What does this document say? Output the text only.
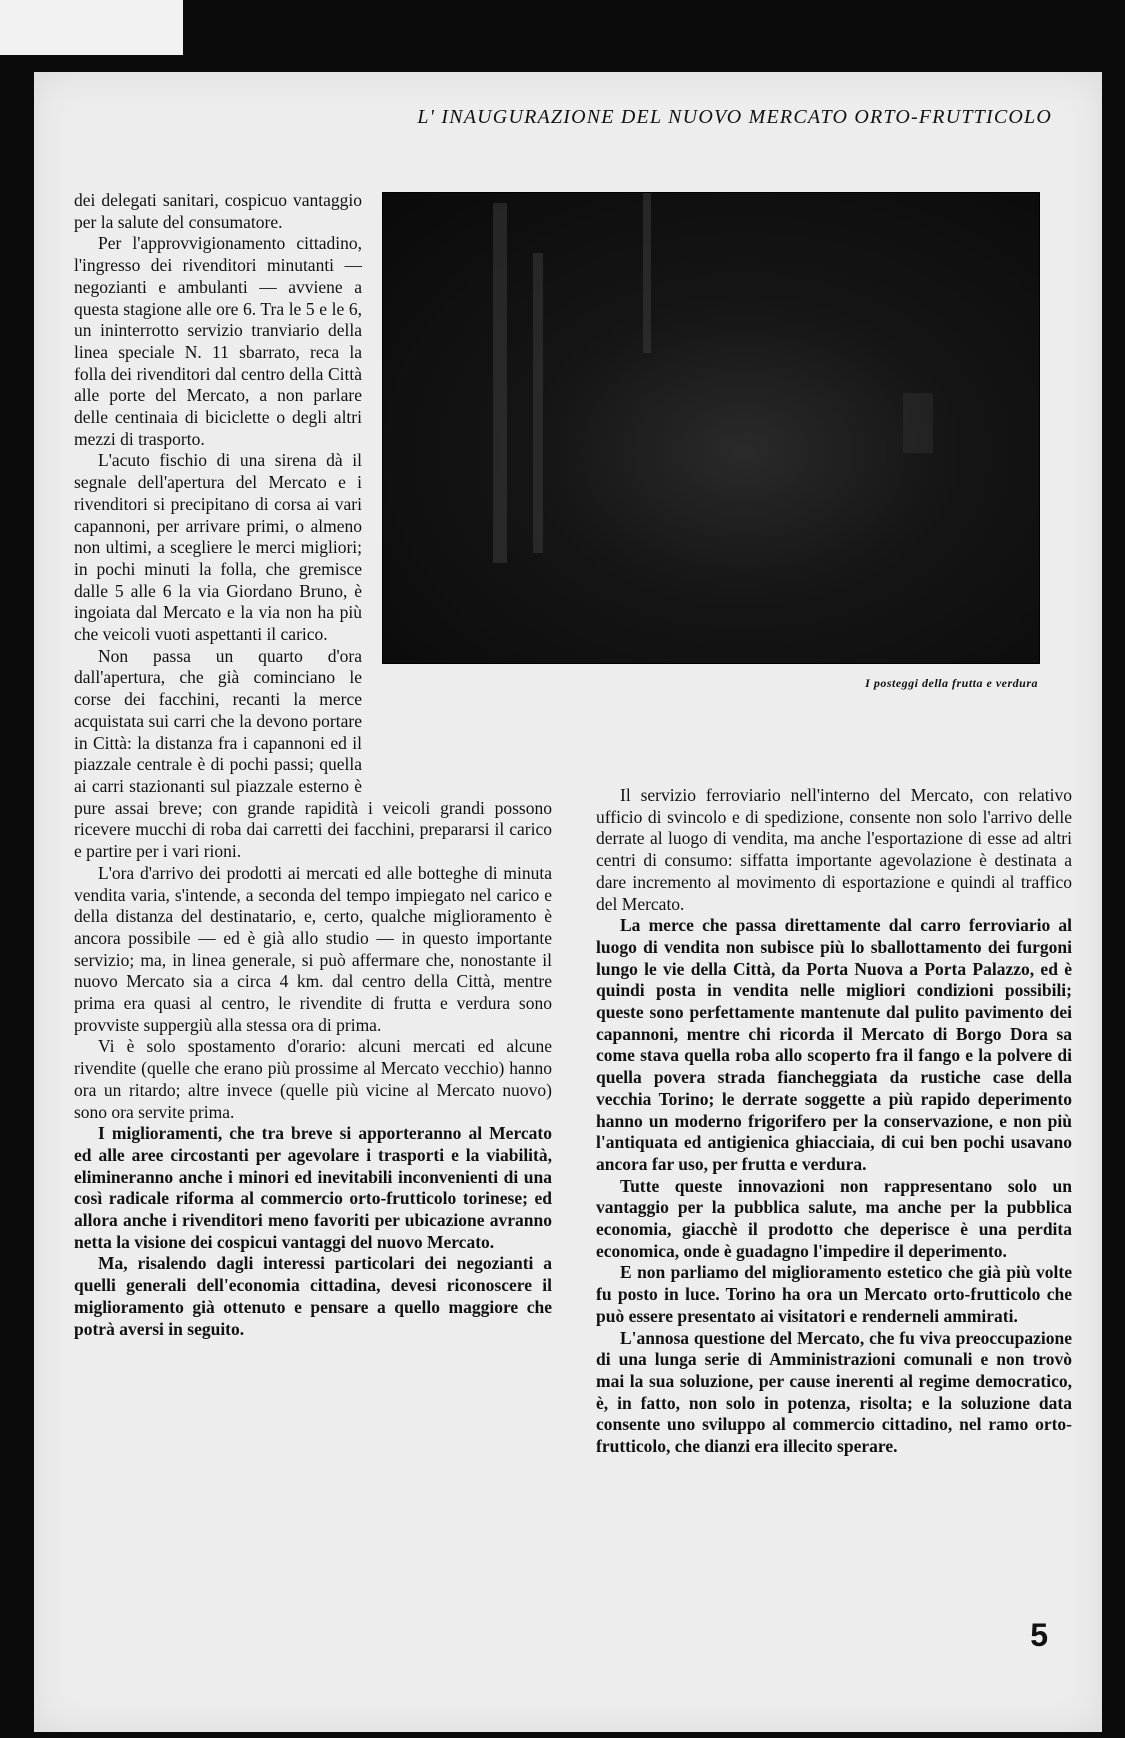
L' INAUGURAZIONE DEL NUOVO MERCATO ORTO-FRUTTICOLO
I posteggi della frutta e verdura

dei delegati sanitari, cospicuo vantaggio per la salute del consumatore.

Per l'approvvigionamento cittadino, l'ingresso dei rivenditori minutanti — negozianti e ambulanti — avviene a questa stagione alle ore 6. Tra le 5 e le 6, un ininterrotto servizio tranviario della linea speciale N. 11 sbarrato, reca la folla dei rivenditori dal centro della Città alle porte del Mercato, a non parlare delle centinaia di biciclette o degli altri mezzi di trasporto.

L'acuto fischio di una sirena dà il segnale dell'apertura del Mercato e i rivenditori si precipitano di corsa ai vari capannoni, per arrivare primi, o almeno non ultimi, a scegliere le merci migliori; in pochi minuti la folla, che gremisce dalle 5 alle 6 la via Giordano Bruno, è ingoiata dal Mercato e la via non ha più che veicoli vuoti aspettanti il carico.

Non passa un quarto d'ora dall'apertura, che già cominciano le corse dei facchini, recanti la merce acquistata sui carri che la devono portare in Città: la distanza fra i capannoni ed il piazzale centrale è di pochi passi; quella ai carri stazionanti sul piazzale esterno è pure assai breve; con grande rapidità i veicoli grandi possono ricevere mucchi di roba dai carretti dei facchini, prepararsi il carico e partire per i vari rioni.

L'ora d'arrivo dei prodotti ai mercati ed alle botteghe di minuta vendita varia, s'intende, a seconda del tempo impiegato nel carico e della distanza del destinatario, e, certo, qualche miglioramento è ancora possibile — ed è già allo studio — in questo importante servizio; ma, in linea generale, si può affermare che, nonostante il nuovo Mercato sia a circa 4 km. dal centro della Città, mentre prima era quasi al centro, le rivendite di frutta e verdura sono provviste suppergiù alla stessa ora di prima.

Vi è solo spostamento d'orario: alcuni mercati ed alcune rivendite (quelle che erano più prossime al Mercato vecchio) hanno ora un ritardo; altre invece (quelle più vicine al Mercato nuovo) sono ora servite prima.

I miglioramenti, che tra breve si apporteranno al Mercato ed alle aree circostanti per agevolare i trasporti e la viabilità, elimineranno anche i minori ed inevitabili inconvenienti di una così radicale riforma al commercio orto-frutticolo torinese; ed allora anche i rivenditori meno favoriti per ubicazione avranno netta la visione dei cospicui vantaggi del nuovo Mercato.

Ma, risalendo dagli interessi particolari dei negozianti a quelli generali dell'economia cittadina, devesi riconoscere il miglioramento già ottenuto e pensare a quello maggiore che potrà aversi in seguito.

Il servizio ferroviario nell'interno del Mercato, con relativo ufficio di svincolo e di spedizione, consente non solo l'arrivo delle derrate al luogo di vendita, ma anche l'esportazione di esse ad altri centri di consumo: siffatta importante agevolazione è destinata a dare incremento al movimento di esportazione e quindi al traffico del Mercato.

La merce che passa direttamente dal carro ferroviario al luogo di vendita non subisce più lo sballottamento dei furgoni lungo le vie della Città, da Porta Nuova a Porta Palazzo, ed è quindi posta in vendita nelle migliori condizioni possibili; queste sono perfettamente mantenute dal pulito pavimento dei capannoni, mentre chi ricorda il Mercato di Borgo Dora sa come stava quella roba allo scoperto fra il fango e la polvere di quella povera strada fiancheggiata da rustiche case della vecchia Torino; le derrate soggette a più rapido deperimento hanno un moderno frigorifero per la conservazione, e non più l'antiquata ed antigienica ghiacciaia, di cui ben pochi usavano ancora far uso, per frutta e verdura.

Tutte queste innovazioni non rappresentano solo un vantaggio per la pubblica salute, ma anche per la pubblica economia, giacchè il prodotto che deperisce è una perdita economica, onde è guadagno l'impedire il deperimento.

E non parliamo del miglioramento estetico che già più volte fu posto in luce. Torino ha ora un Mercato orto-frutticolo che può essere presentato ai visitatori e renderneli ammirati.

L'annosa questione del Mercato, che fu viva preoccupazione di una lunga serie di Amministrazioni comunali e non trovò mai la sua soluzione, per cause inerenti al regime democratico, è, in fatto, non solo in potenza, risolta; e la soluzione data consente uno sviluppo al commercio cittadino, nel ramo orto-frutticolo, che dianzi era illecito sperare.

5
